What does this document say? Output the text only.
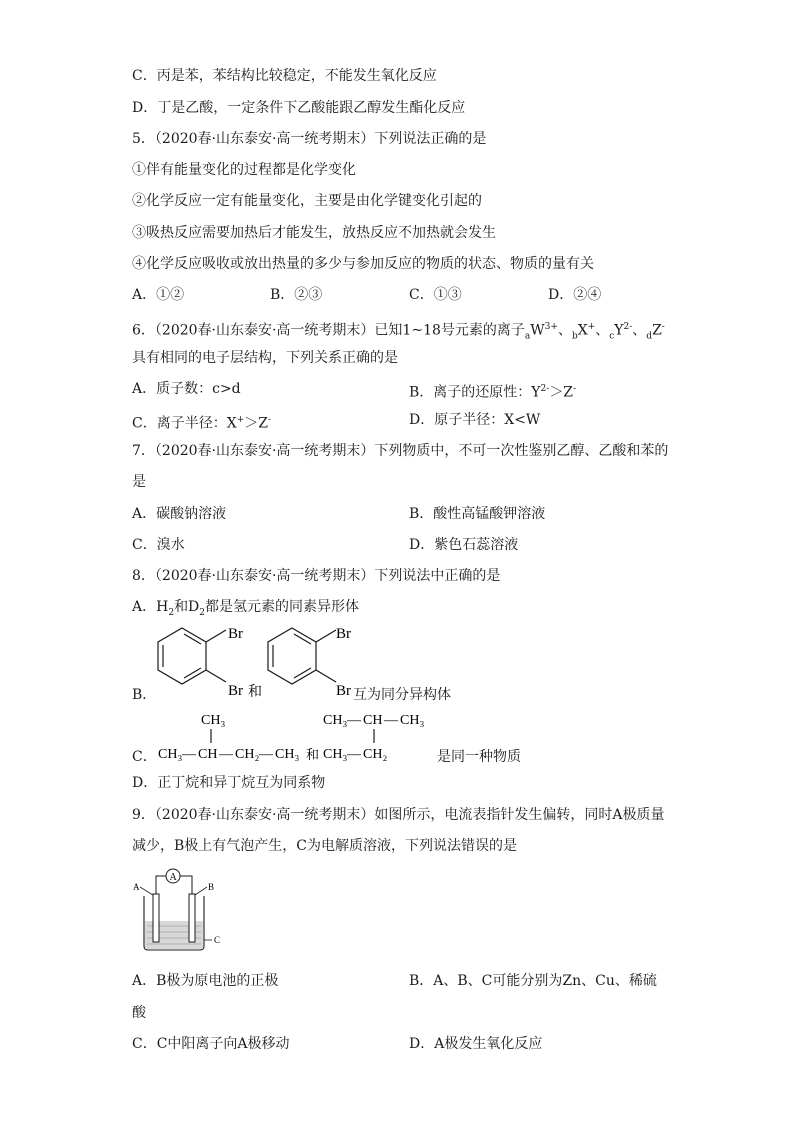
C．丙是苯，苯结构比较稳定，不能发生氧化反应
D．丁是乙酸，一定条件下乙酸能跟乙醇发生酯化反应
5．（2020春·山东泰安·高一统考期末）下列说法正确的是
①伴有能量变化的过程都是化学变化
②化学反应一定有能量变化，主要是由化学键变化引起的
③吸热反应需要加热后才能发生，放热反应不加热就会发生
④化学反应吸收或放出热量的多少与参加反应的物质的状态、物质的量有关
A．①②	B．②③	C．①③	D．②④
6．（2020春·山东泰安·高一统考期末）已知1~18号元素的离子$_aW^{3+}$、$_b$X+、$_cY^{2-}$、$_d$Z-
具有相同的电子层结构，下列关系正确的是
A．质子数：c>d	B．离子的还原性：$Y^{2-}>Z^-$
C．离子半径：X+＞Z-	D．原子半径：X<W
7．（2020春·山东泰安·高一统考期末）下列物质中，不可一次性鉴别乙醇、乙酸和苯的
是
A．碳酸钠溶液	B．酸性高锰酸钾溶液
C．溴水	D．紫色石蕊溶液
8．（2020春·山东泰安·高一统考期末）下列说法中正确的是
A．$H_2$和$D_2$都是氢元素的同素异形体
B．
Br
Br 和
Br
Br 互为同分异构体
C．
CH₃
CH₃ — CH — CH₂ — CH₃ 和
CH₃ — CH — CH₃
CH₃ — CH₂	是同一种物质
D．正丁烷和异丁烷互为同系物
9．（2020春·山东泰安·高一统考期末）如图所示，电流表指针发生偏转，同时A极质量
减少，B极上有气泡产生，C为电解质溶液，下列说法错误的是
A
A	B
C
A．B极为原电池的正极	B．A、B、C可能分别为Zn、Cu、稀硫
酸
C．C中阳离子向A极移动	D．A极发生氧化反应
